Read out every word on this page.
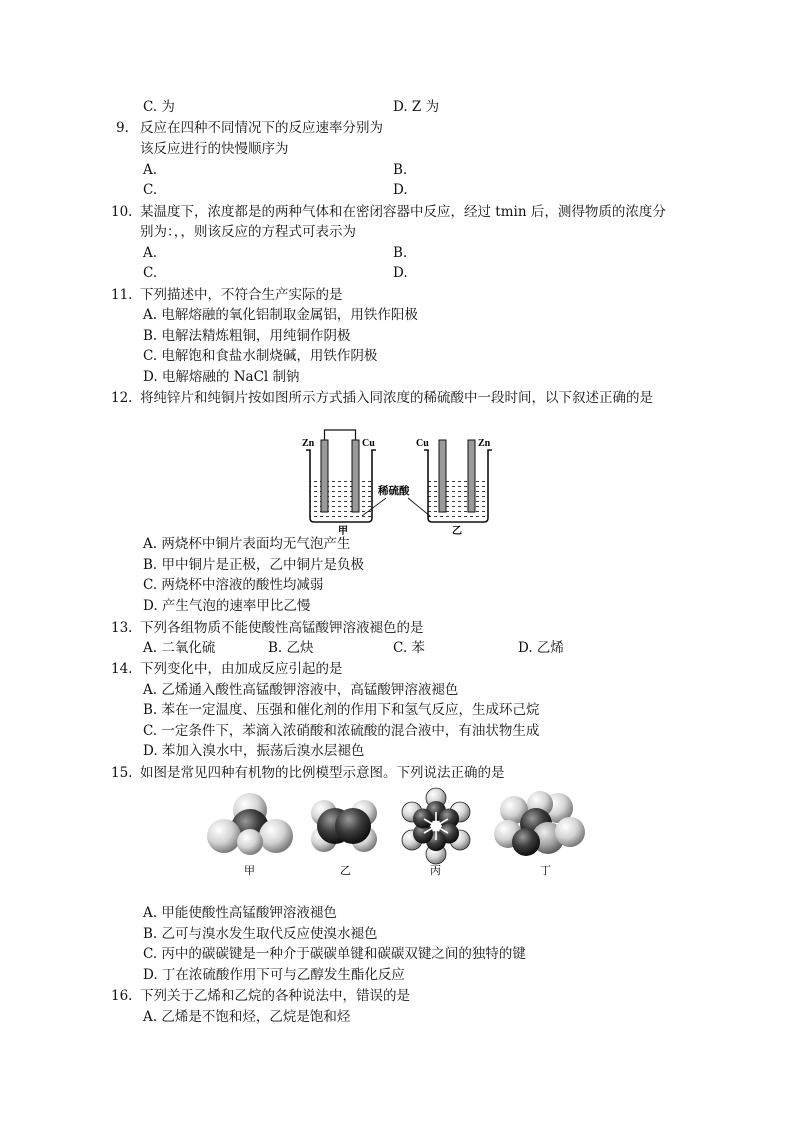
C. 为	D. Z 为
9. 反应在四种不同情况下的反应速率分别为
该反应进行的快慢顺序为
A.	B.
C.	D.
10. 某温度下，浓度都是的两种气体和在密闭容器中反应，经过 tmin 后，测得物质的浓度分
别为：，，则该反应的方程式可表示为
A.	B.
C.	D.
11. 下列描述中，不符合生产实际的是
A. 电解熔融的氧化铝制取金属铝，用铁作阳极
B. 电解法精炼粗铜，用纯铜作阴极
C. 电解饱和食盐水制烧碱，用铁作阴极
D. 电解熔融的 NaCl 制钠
12. 将纯锌片和纯铜片按如图所示方式插入同浓度的稀硫酸中一段时间，以下叙述正确的是
Zn	Cu	Cu	Zn
稀硫酸
甲	乙
A. 两烧杯中铜片表面均无气泡产生
B. 甲中铜片是正极，乙中铜片是负极
C. 两烧杯中溶液的酸性均减弱
D. 产生气泡的速率甲比乙慢
13. 下列各组物质不能使酸性高锰酸钾溶液褪色的是
A. 二氧化硫	B. 乙炔	C. 苯	D. 乙烯
14. 下列变化中，由加成反应引起的是
A. 乙烯通入酸性高锰酸钾溶液中，高锰酸钾溶液褪色
B. 苯在一定温度、压强和催化剂的作用下和氢气反应，生成环己烷
C. 一定条件下，苯滴入浓硝酸和浓硫酸的混合液中，有油状物生成
D. 苯加入溴水中，振荡后溴水层褪色
15. 如图是常见四种有机物的比例模型示意图。下列说法正确的是
甲	乙	丙	丁
A. 甲能使酸性高锰酸钾溶液褪色
B. 乙可与溴水发生取代反应使溴水褪色
C. 丙中的碳碳键是一种介于碳碳单键和碳碳双键之间的独特的键
D. 丁在浓硫酸作用下可与乙醇发生酯化反应
16. 下列关于乙烯和乙烷的各种说法中，错误的是
A. 乙烯是不饱和烃，乙烷是饱和烃
